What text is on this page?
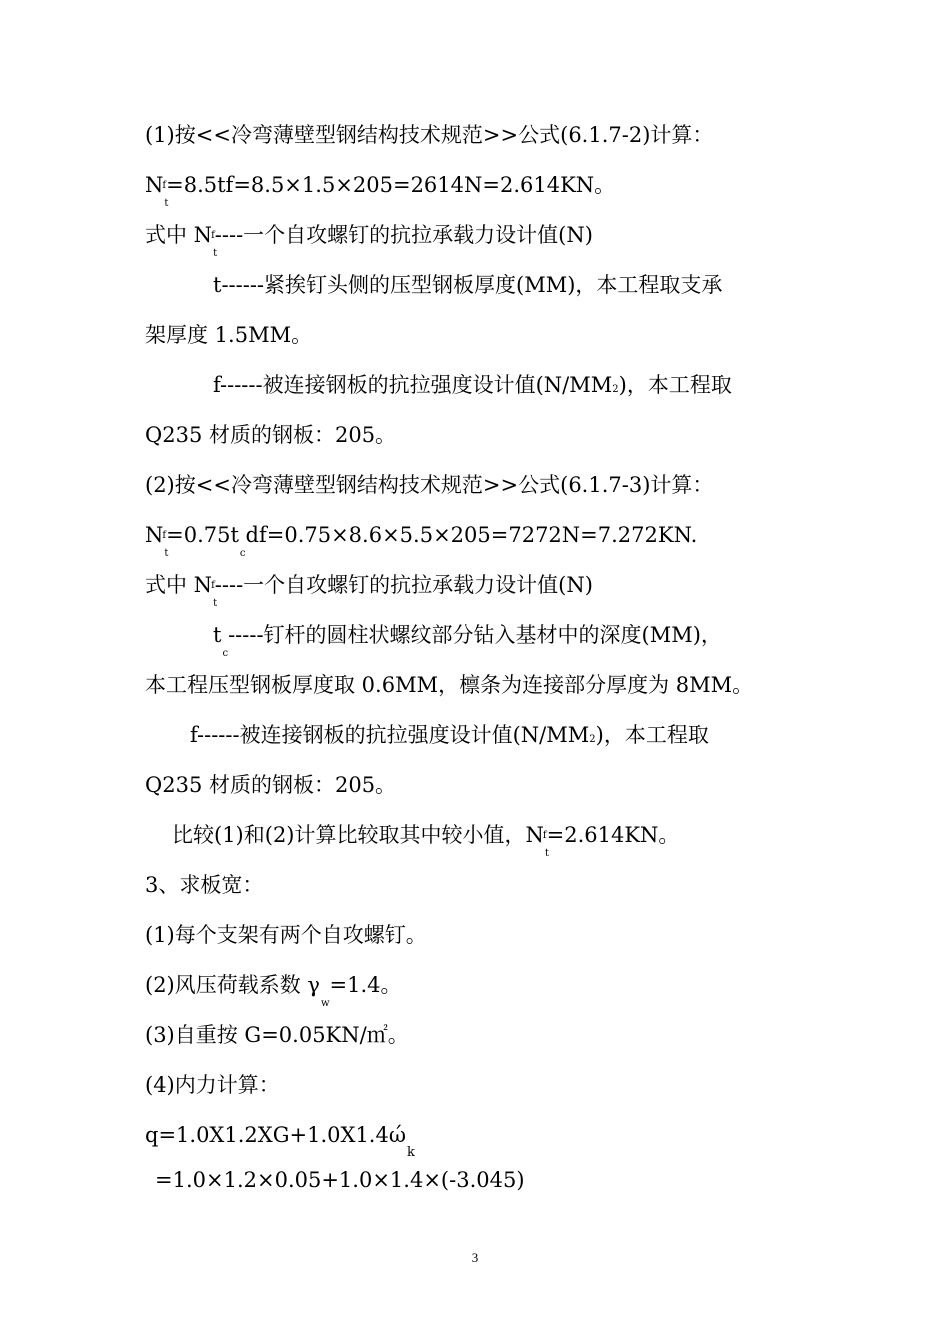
(1)按<<冷弯薄壁型钢结构技术规范>>公式(6.1.7-2)计算：
$N_tf=8.5tf=8.5\times 1.5\times 205=2614N=2.614KN$。
式中 $N_tf----$一个自攻螺钉的抗拉承载力设计值(N)
t------紧挨钉头侧的压型钢板厚度(MM)，本工程取支承
架厚度 1.5MM。
f------被连接钢板的抗拉强度设计值(N/MM2)，本工程取
Q235 材质的钢板：205。
(2)按<<冷弯薄壁型钢结构技术规范>>公式(6.1.7-3)计算：
$N_tf=0.75t_cdf=0.75\times 8.6\times 5.5\times 205=7272N=7.272KN$.
式中 $N_tf----$一个自攻螺钉的抗拉承载力设计值(N)
$t_c-----$钉杆的圆柱状螺纹部分钻入基材中的深度(MM)，
本工程压型钢板厚度取 0.6MM，檩条为连接部分厚度为 8MM。
f------被连接钢板的抗拉强度设计值(N/MM2)，本工程取
Q235 材质的钢板：205。
比较(1)和(2)计算比较取其中较小值，$N_tf=2.614KN$。
3、求板宽：
(1)每个支架有两个自攻螺钉。
(2)风压荷载系数 $\gamma_w=1.4$。
(3)自重按 G=0.05KN/㎡。
(4)内力计算：
$q=1.0X1.2XG+1.0X1.4ώ_k$
=1.0×1.2×0.05+1.0×1.4×(-3.045)
3
